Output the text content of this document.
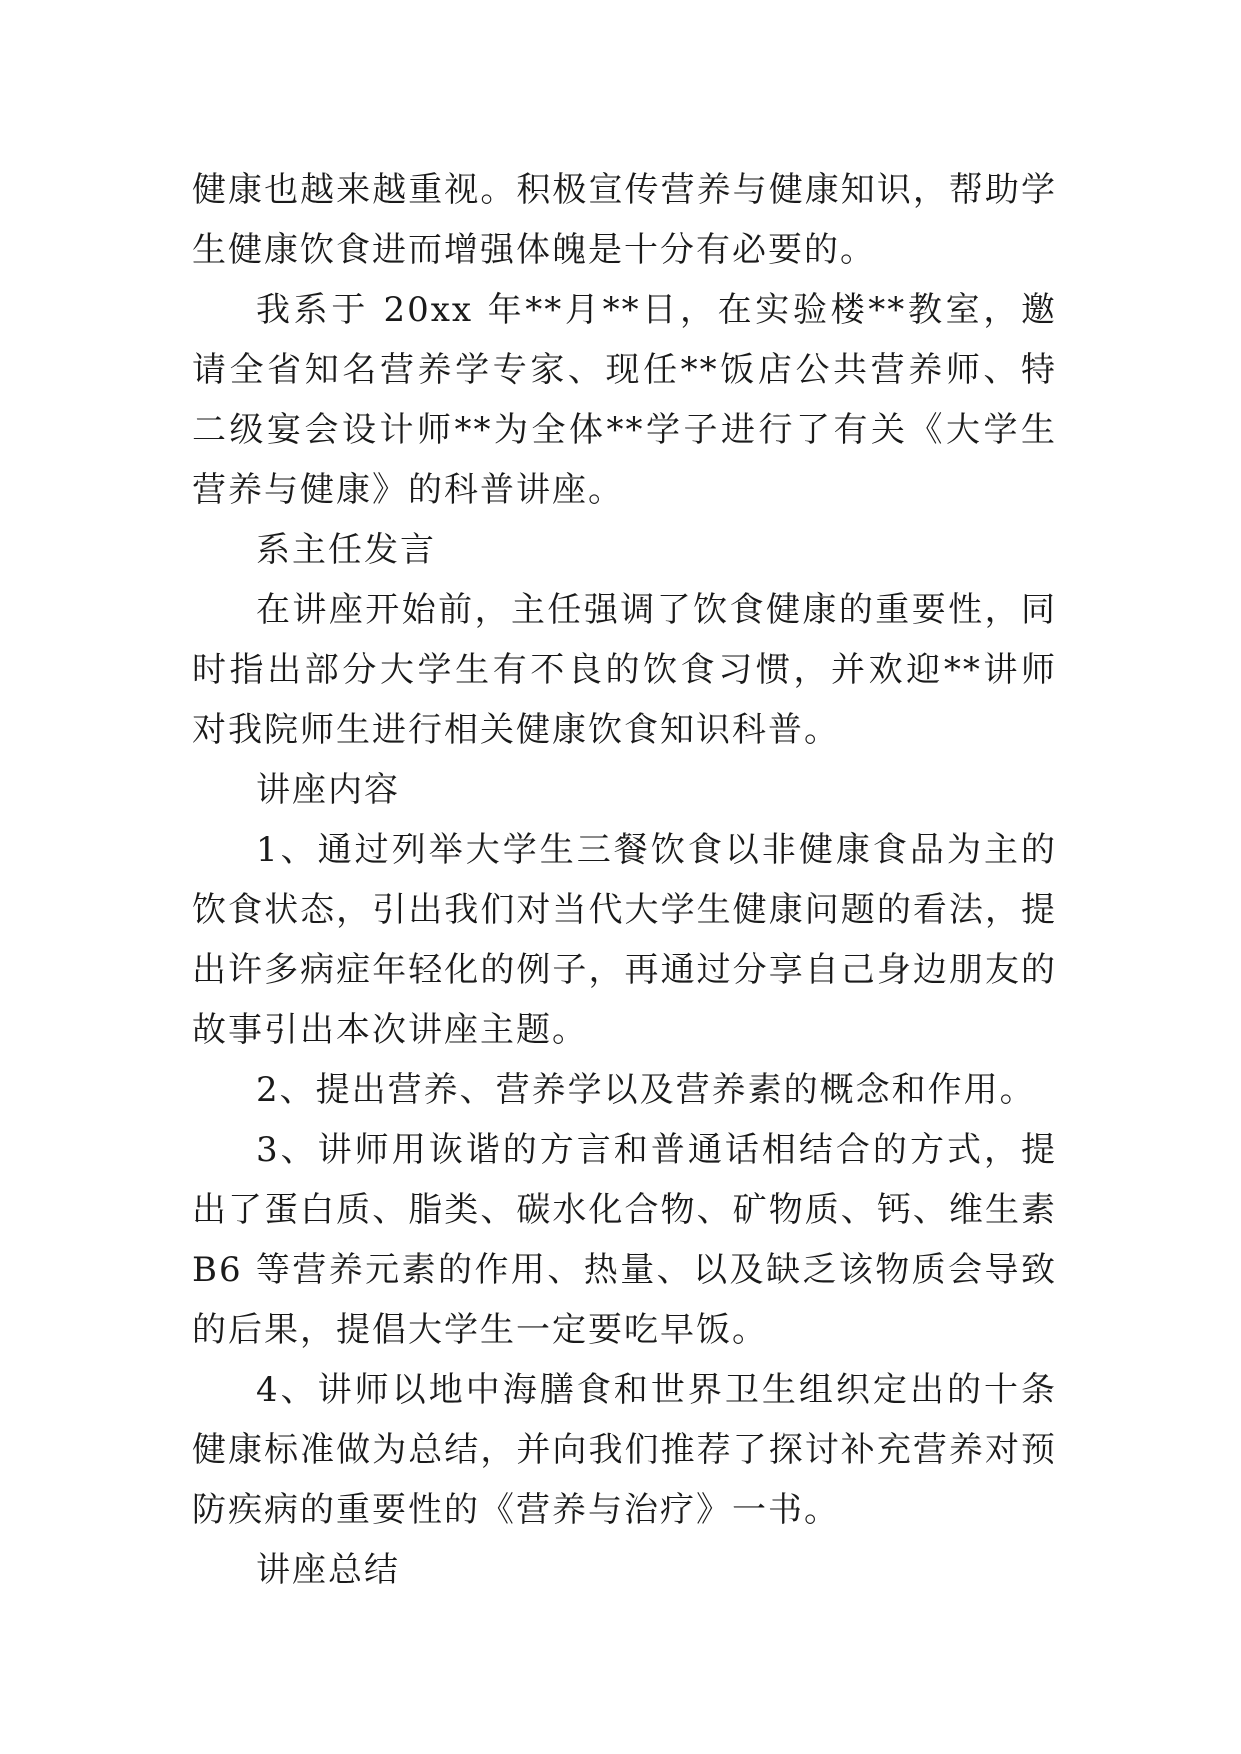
健康也越来越重视。积极宣传营养与健康知识，帮助学生健康饮食进而增强体魄是十分有必要的。

我系于 20xx 年**月**日，在实验楼**教室，邀请全省知名营养学专家、现任**饭店公共营养师、特二级宴会设计师**为全体**学子进行了有关《大学生营养与健康》的科普讲座。

系主任发言

在讲座开始前，主任强调了饮食健康的重要性，同时指出部分大学生有不良的饮食习惯，并欢迎**讲师对我院师生进行相关健康饮食知识科普。

讲座内容

1、通过列举大学生三餐饮食以非健康食品为主的饮食状态，引出我们对当代大学生健康问题的看法，提出许多病症年轻化的例子，再通过分享自己身边朋友的故事引出本次讲座主题。

2、提出营养、营养学以及营养素的概念和作用。

3、讲师用诙谐的方言和普通话相结合的方式，提出了蛋白质、脂类、碳水化合物、矿物质、钙、维生素 B6 等营养元素的作用、热量、以及缺乏该物质会导致的后果，提倡大学生一定要吃早饭。

4、讲师以地中海膳食和世界卫生组织定出的十条健康标准做为总结，并向我们推荐了探讨补充营养对预防疾病的重要性的《营养与治疗》一书。

讲座总结
